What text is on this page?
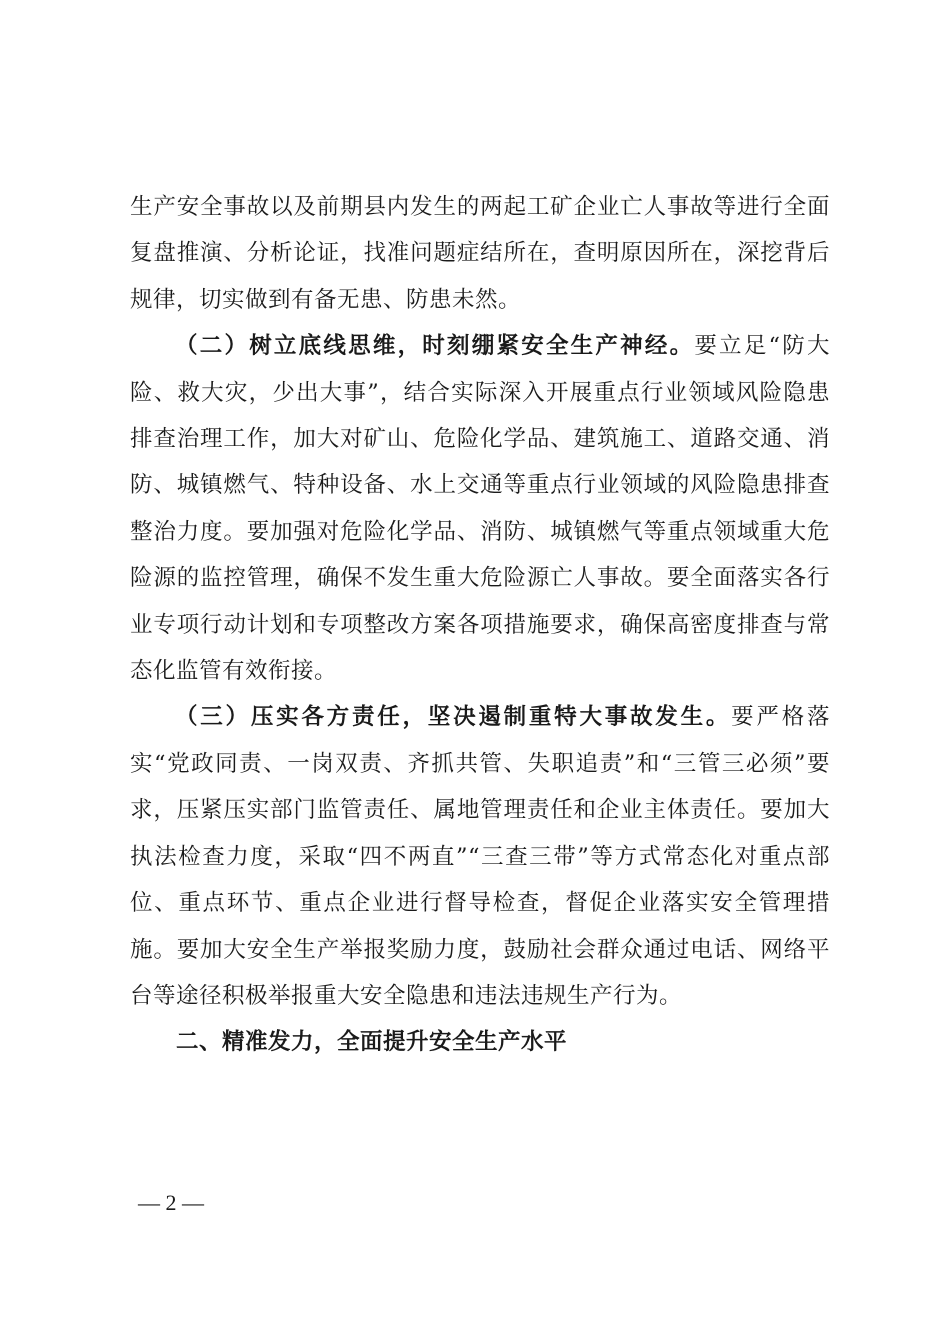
生产安全事故以及前期县内发生的两起工矿企业亡人事故等进行全面复盘推演、分析论证，找准问题症结所在，查明原因所在，深挖背后规律，切实做到有备无患、防患未然。

（二）树立底线思维，时刻绷紧安全生产神经。要立足“防大险、救大灾，少出大事”，结合实际深入开展重点行业领域风险隐患排查治理工作，加大对矿山、危险化学品、建筑施工、道路交通、消防、城镇燃气、特种设备、水上交通等重点行业领域的风险隐患排查整治力度。要加强对危险化学品、消防、城镇燃气等重点领域重大危险源的监控管理，确保不发生重大危险源亡人事故。要全面落实各行业专项行动计划和专项整改方案各项措施要求，确保高密度排查与常态化监管有效衔接。

（三）压实各方责任，坚决遏制重特大事故发生。要严格落实“党政同责、一岗双责、齐抓共管、失职追责”和“三管三必须”要求，压紧压实部门监管责任、属地管理责任和企业主体责任。要加大执法检查力度，采取“四不两直”“三查三带”等方式常态化对重点部位、重点环节、重点企业进行督导检查，督促企业落实安全管理措施。要加大安全生产举报奖励力度，鼓励社会群众通过电话、网络平台等途径积极举报重大安全隐患和违法违规生产行为。

二、精准发力，全面提升安全生产水平

— 2 —
